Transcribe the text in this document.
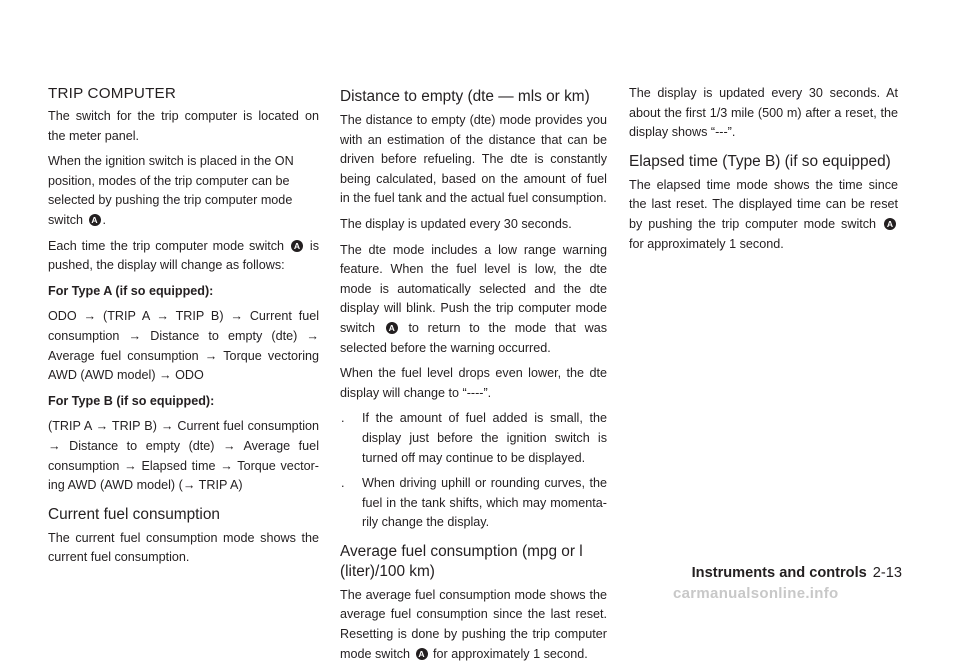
TRIP COMPUTER

The switch for the trip computer is located on the meter panel.

When the ignition switch is placed in the ON position, modes of the trip computer can be selected by pushing the trip computer mode switch A .

Each time the trip computer mode switch A is pushed, the display will change as follows:

For Type A (if so equipped):

ODO → (TRIP A → TRIP B) → Current fuel consumption → Distance to empty (dte) → Average fuel consumption → Torque vectoring AWD (AWD model) → ODO

For Type B (if so equipped):

(TRIP A → TRIP B) → Current fuel consumption → Distance to empty (dte) → Average fuel consumption → Elapsed time → Torque vector-ing AWD (AWD model) (→ TRIP A)

Current fuel consumption

The current fuel consumption mode shows the current fuel consumption.

Distance to empty (dte — mls or km)

The distance to empty (dte) mode provides you with an estimation of the distance that can be driven before refueling. The dte is constantly being calculated, based on the amount of fuel in the fuel tank and the actual fuel consumption.

The display is updated every 30 seconds.

The dte mode includes a low range warning feature. When the fuel level is low, the dte mode is automatically selected and the dte display will blink. Push the trip computer mode switch A to return to the mode that was selected before the warning occurred.

When the fuel level drops even lower, the dte display will change to “----”.

. If the amount of fuel added is small, the display just before the ignition switch is turned off may continue to be displayed.
. When driving uphill or rounding curves, the fuel in the tank shifts, which may momenta-rily change the display.
Average fuel consumption (mpg or l (liter)/100 km)

The average fuel consumption mode shows the average fuel consumption since the last reset. Resetting is done by pushing the trip computer mode switch A for approximately 1 second.

The display is updated every 30 seconds. At about the first 1/3 mile (500 m) after a reset, the display shows “---”.

Elapsed time (Type B) (if so equipped)

The elapsed time mode shows the time since the last reset. The displayed time can be reset by pushing the trip computer mode switch A for approximately 1 second.

Instruments and controls 2-13
carmanualsonline.info
